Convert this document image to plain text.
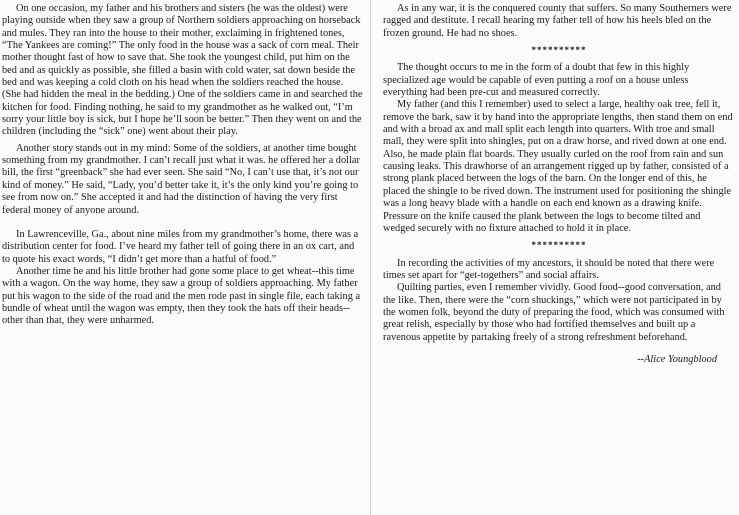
On one occasion, my father and his brothers and sisters (he was the oldest) were playing outside when they saw a group of Northern soldiers approaching on horseback and mules. They ran into the house to their mother, exclaiming in frightened tones, “The Yankees are coming!” The only food in the house was a sack of corn meal. Their mother thought fast of how to save that. She took the youngest child, put him on the bed and as quickly as possible, she filled a basin with cold water, sat down beside the bed and was keeping a cold cloth on his head when the soldiers reached the house. (She had hidden the meal in the bedding.) One of the soldiers came in and searched the kitchen for food. Finding nothing, he said to my grandmother as he walked out, “I’m sorry your little boy is sick, but I hope he’ll soon be better.” Then they went on and the children (including the “sick” one) went about their play.

Another story stands out in my mind: Some of the soldiers, at another time bought something from my grandmother. I can’t recall just what it was. he offered her a dollar bill, the first “greenback” she had ever seen. She said “No, I can’t use that, it’s not our kind of money.” He said, “Lady, you’d better take it, it’s the only kind you’re going to see from now on.” She accepted it and had the distinction of having the very first federal money of anyone around.

In Lawrenceville, Ga., about nine miles from my grandmother’s home, there was a distribution center for food. I’ve heard my father tell of going there in an ox cart, and to quote his exact words, “I didn’t get more than a hatful of food.”

Another time he and his little brother had gone some place to get wheat--this time with a wagon. On the way home, they saw a group of soldiers approaching. My father put his wagon to the side of the road and the men rode past in single file, each taking a bundle of wheat until the wagon was empty, then they took the hats off their heads--other than that, they were unharmed.

As in any war, it is the conquered county that suffers. So many Southerners were ragged and destitute. I recall hearing my father tell of how his heels bled on the frozen ground. He had no shoes.

**********

The thought occurs to me in the form of a doubt that few in this highly specialized age would be capable of even putting a roof on a house unless everything had been pre-cut and measured correctly.

My father (and this I remember) used to select a large, healthy oak tree, fell it, remove the bark, saw it by hand into the appropriate lengths, then stand them on end and with a broad ax and mall split each length into quarters. With troe and small mall, they were split into shingles, put on a draw horse, and rived down at one end. Also, he made plain flat boards. They usually curled on the roof from rain and sun causing leaks. This drawhorse of an arrangement rigged up by father, consisted of a strong plank placed between the logs of the barn. On the longer end of this, he placed the shingle to be rived down. The instrument used for positioning the shingle was a long heavy blade with a handle on each end known as a drawing knife. Pressure on the knife caused the plank between the logs to become tilted and wedged securely with no fixture attached to hold it in place.

**********

In recording the activities of my ancestors, it should be noted that there were times set apart for “get-togethers” and social affairs.

Quilting parties, even I remember vividly. Good food--good conversation, and the like. Then, there were the “corn shuckings,” which were not participated in by the women folk, beyond the duty of preparing the food, which was consumed with great relish, especially by those who had fortified themselves and built up a ravenous appetite by partaking freely of a strong refreshment beforehand.

--Alice Youngblood
